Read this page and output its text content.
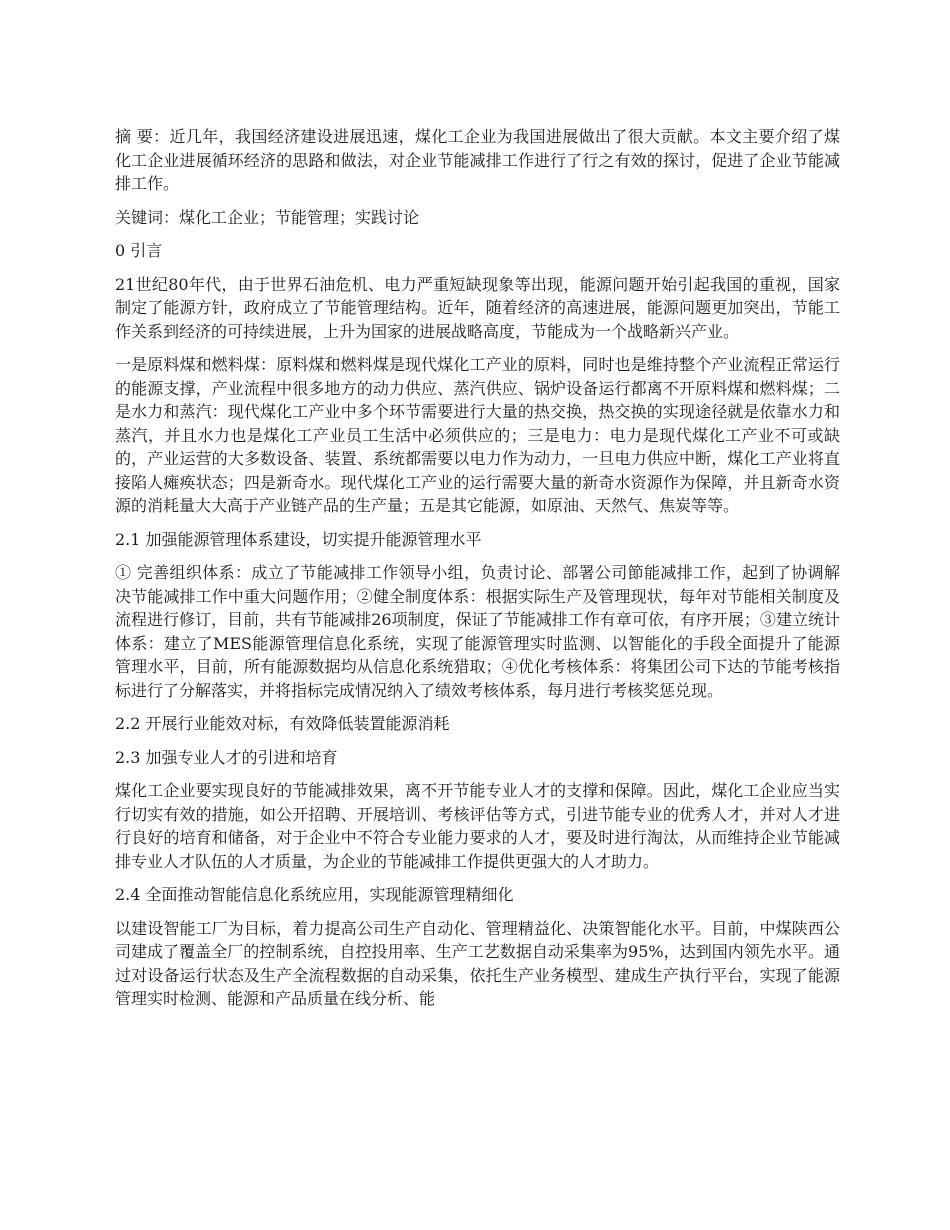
摘 要：近几年，我国经济建设进展迅速，煤化工企业为我国进展做出了很大贡献。本文主要介绍了煤化工企业进展循环经济的思路和做法，对企业节能减排工作进行了行之有效的探讨，促进了企业节能减排工作。

关键词：煤化工企业；节能管理；实践讨论

0 引言

21世纪80年代，由于世界石油危机、电力严重短缺现象等出现，能源问题开始引起我国的重视，国家制定了能源方针，政府成立了节能管理结构。近年，随着经济的高速进展，能源问题更加突出，节能工作关系到经济的可持续进展，上升为国家的进展战略高度，节能成为一个战略新兴产业。

一是原料煤和燃料煤：原料煤和燃料煤是现代煤化工产业的原料，同时也是维持整个产业流程正常运行的能源支撑，产业流程中很多地方的动力供应、蒸汽供应、锅炉设备运行都离不开原料煤和燃料煤；二是水力和蒸汽：现代煤化工产业中多个环节需要进行大量的热交换，热交换的实现途径就是依靠水力和蒸汽，并且水力也是煤化工产业员工生活中必须供应的；三是电力：电力是现代煤化工产业不可或缺的，产业运营的大多数设备、装置、系统都需要以电力作为动力，一旦电力供应中断，煤化工产业将直接陷人瘫痪状态；四是新奇水。现代煤化工产业的运行需要大量的新奇水资源作为保障，并且新奇水资源的消耗量大大高于产业链产品的生产量；五是其它能源，如原油、天然气、焦炭等等。

2.1 加强能源管理体系建设，切实提升能源管理水平

① 完善组织体系：成立了节能减排工作领导小组，负责讨论、部署公司節能减排工作，起到了协调解决节能减排工作中重大问题作用；②健全制度体系：根据实际生产及管理现状，每年对节能相关制度及流程进行修订，目前，共有节能减排26项制度，保证了节能减排工作有章可依，有序开展；③建立统计体系：建立了MES能源管理信息化系统，实现了能源管理实时监测、以智能化的手段全面提升了能源管理水平，目前，所有能源数据均从信息化系统猎取；④优化考核体系：将集团公司下达的节能考核指标进行了分解落实，并将指标完成情况纳入了绩效考核体系，每月进行考核奖惩兑现。

2.2 开展行业能效对标，有效降低装置能源消耗

2.3 加强专业人才的引进和培育

煤化工企业要实现良好的节能减排效果，离不开节能专业人才的支撑和保障。因此，煤化工企业应当实行切实有效的措施，如公开招聘、开展培训、考核评估等方式，引进节能专业的优秀人才，并对人才进行良好的培育和储备，对于企业中不符合专业能力要求的人才，要及时进行淘汰，从而维持企业节能减排专业人才队伍的人才质量，为企业的节能减排工作提供更强大的人才助力。

2.4 全面推动智能信息化系统应用，实现能源管理精细化

以建设智能工厂为目标，着力提高公司生产自动化、管理精益化、决策智能化水平。目前，中煤陕西公司建成了覆盖全厂的控制系统，自控投用率、生产工艺数据自动采集率为95%，达到国内领先水平。通过对设备运行状态及生产全流程数据的自动采集，依托生产业务模型、建成生产执行平台，实现了能源管理实时检测、能源和产品质量在线分析、能
